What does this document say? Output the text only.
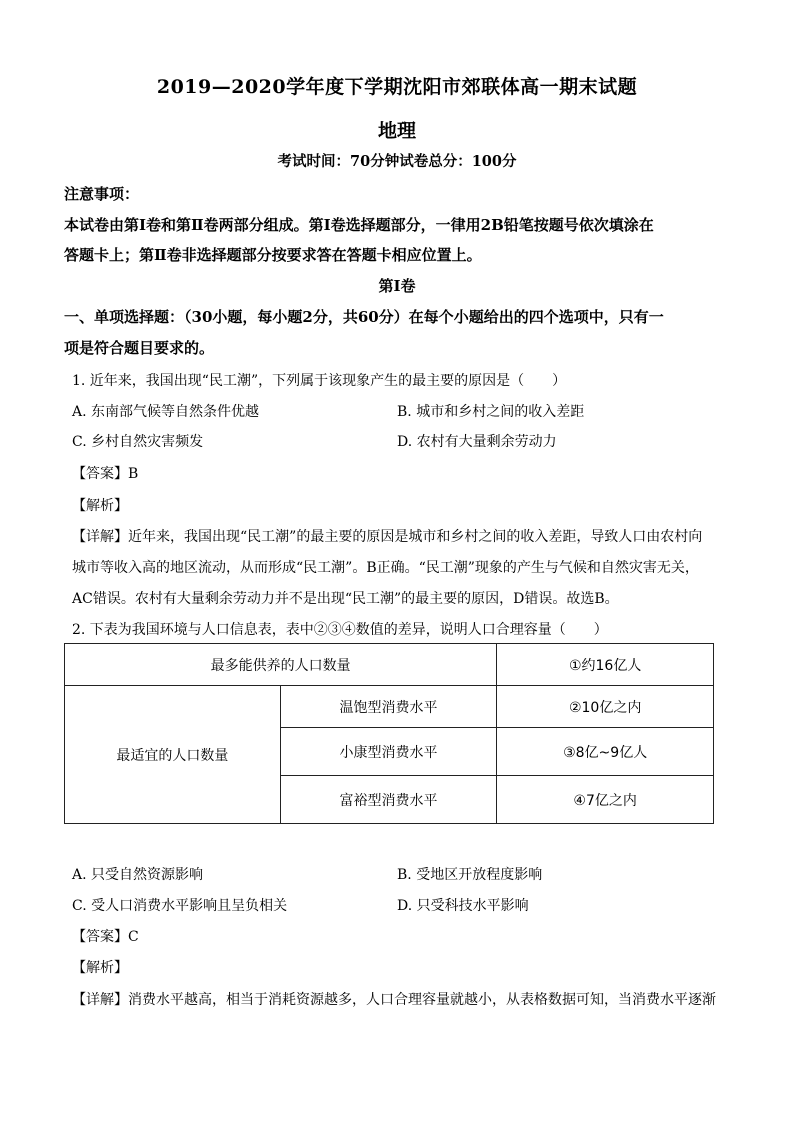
2019—2020学年度下学期沈阳市郊联体高一期末试题
地理
考试时间：70分钟试卷总分：100分
注意事项：
本试卷由第Ⅰ卷和第Ⅱ卷两部分组成。第Ⅰ卷选择题部分，一律用2B铅笔按题号依次填涂在
答题卡上；第Ⅱ卷非选择题部分按要求答在答题卡相应位置上。
第Ⅰ卷
一、单项选择题：（30小题，每小题2分，共60分）在每个小题给出的四个选项中，只有一
项是符合题目要求的。
1. 近年来，我国出现“民工潮”，下列属于该现象产生的最主要的原因是（　　）
A. 东南部气候等自然条件优越	B. 城市和乡村之间的收入差距
C. 乡村自然灾害频发	D. 农村有大量剩余劳动力
【答案】B
【解析】
【详解】近年来，我国出现“民工潮”的最主要的原因是城市和乡村之间的收入差距，导致人口由农村向
城市等收入高的地区流动，从而形成“民工潮”。B正确。“民工潮”现象的产生与气候和自然灾害无关，
AC错误。农村有大量剩余劳动力并不是出现“民工潮”的最主要的原因，D错误。故选B。
2. 下表为我国环境与人口信息表，表中②③④数值的差异，说明人口合理容量（　　）
最多能供养的人口数量		①约16亿人
最适宜的人口数量	温饱型消费水平	②10亿之内
	小康型消费水平	③8亿~9亿人
	富裕型消费水平	④7亿之内
A. 只受自然资源影响	B. 受地区开放程度影响
C. 受人口消费水平影响且呈负相关	D. 只受科技水平影响
【答案】C
【解析】
【详解】消费水平越高，相当于消耗资源越多，人口合理容量就越小，从表格数据可知，当消费水平逐渐
